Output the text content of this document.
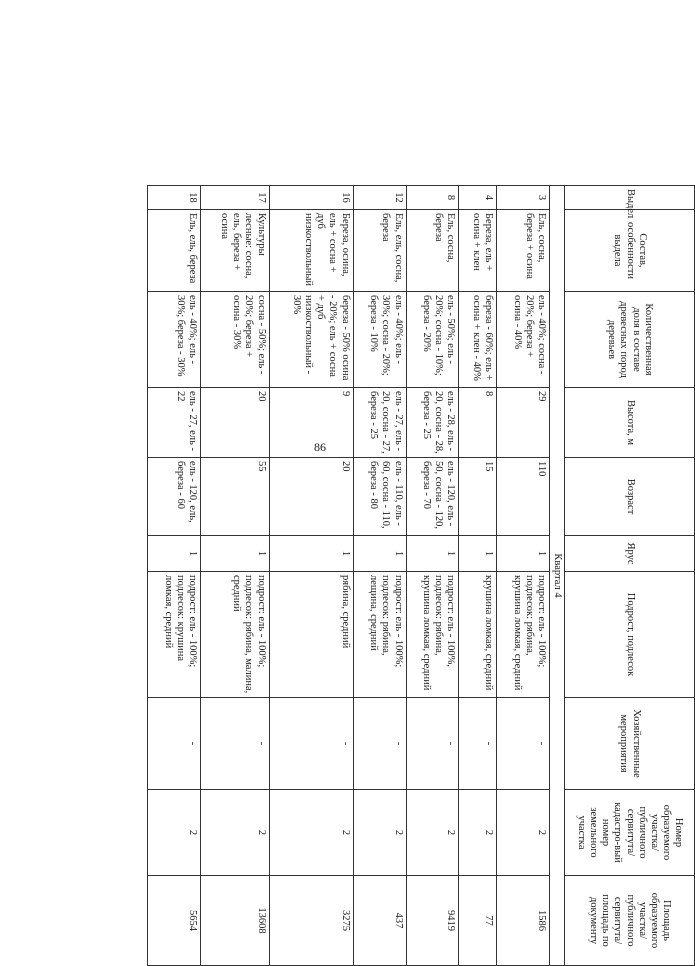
86
Выдел	Состав, особенности выдела	Количественная доля в составе древесных пород деревьев	Высота, м	Возраст	Ярус	Подрост, подлесок	Хозяйственные мероприятия	Номер образуемого участка/ публичного сервитута/кадастро-вый номер земельного участка	Площадь образуемого участка/ публичного сервитута/площадь по документу
Квартал 4									
3	Ель, сосна, береза + осина	ель - 40%; сосна - 20%; береза + осина - 40%	29	110	1	подрост: ель - 100%; подлесок: рябина, крушина ломкая, средний	-	2	1586
4	Береза, ель + осина + клен	береза - 60%; ель + осина + клен - 40%	8	15	1	крушина ломкая, средний	-	2	77
8	Ель, сосна, береза	ель - 50%; ель - 20%; сосна - 10%; береза - 20%	ель - 28, ель - 20, сосна - 28, береза - 25	ель - 120, ель - 50, сосна - 120, береза - 70	1	подрост: ель - 100%, подлесок: рябина, крушина ломкая, средний	-	2	9419
12	Ель, ель, сосна, береза	ель - 40%; ель - 30%; сосна - 20%; береза - 10%	ель - 27, ель - 20, сосна - 27, береза - 25	ель - 110, ель - 60, сосна - 110, береза - 80	1	подрост: ель - 100%; подлесок: рябина, лещина, средний	-	2	437
16	Береза, осина, ель + сосна + дуб низкоствольный	береза - 50% осина - 20%; ель + сосна + дуб низкоствольный - 30%	9	20	1	рябина, средний	-	2	3275
17	Культуры лесные: сосна, ель, береза + осина	сосна - 50%; ель - 20%; береза + осина - 30%	20	55	1	подрост: ель - 100%; подлесок: рябина, малина, средний	-	2	13608
18	Ель, ель, береза	ель - 40%; ель - 30%; береза - 30%	ель - 27, ель - 22	ель - 120, ель, береза - 60	1	подрост: ель - 100%; подлесок: крушина ломкая, средний	-	2	5654
